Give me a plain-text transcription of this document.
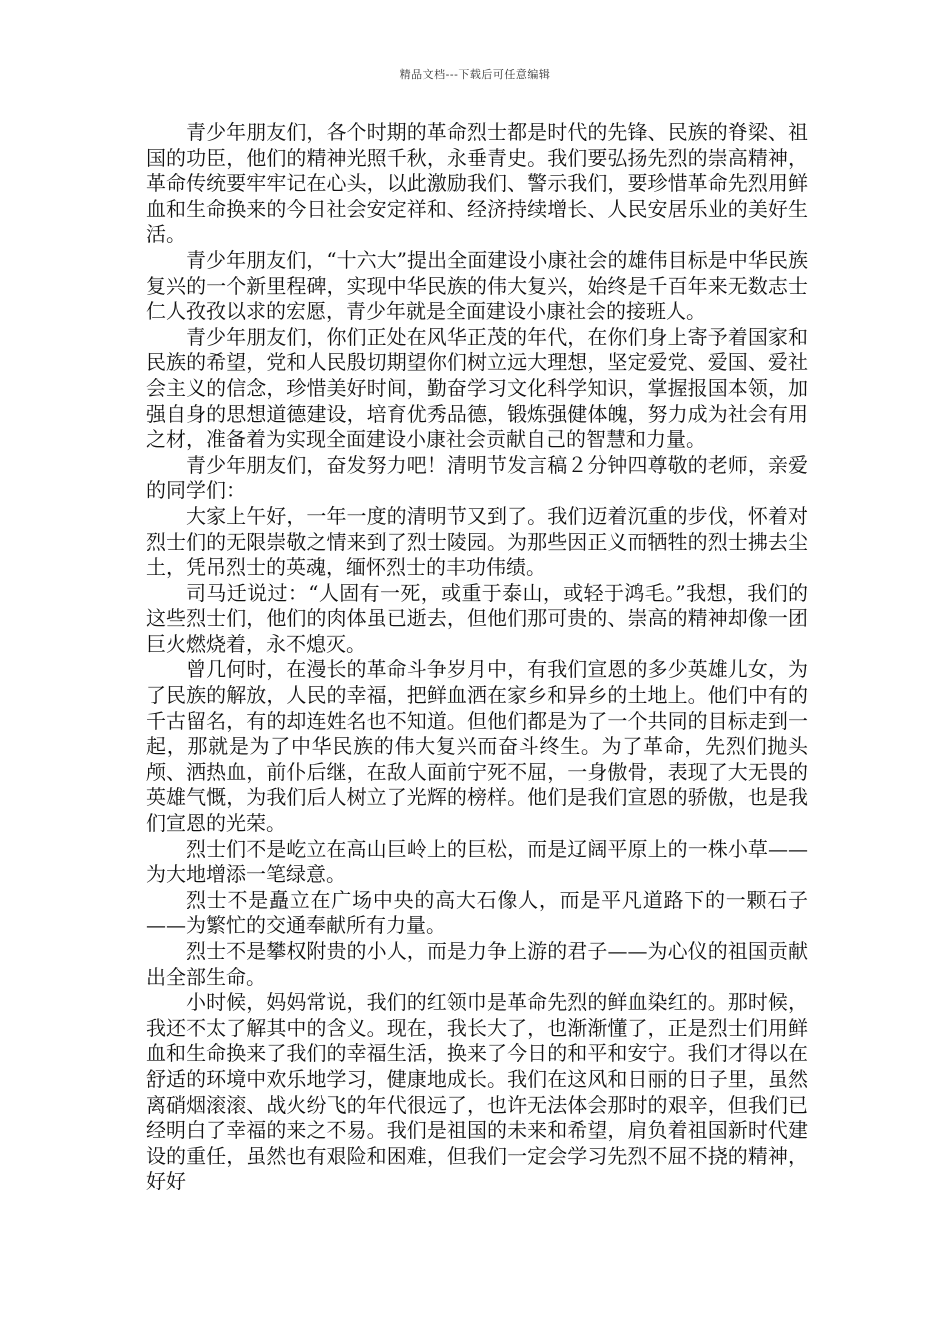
精品文档---下载后可任意编辑

青少年朋友们，各个时期的革命烈士都是时代的先锋、民族的脊梁、祖国的功臣，他们的精神光照千秋，永垂青史。我们要弘扬先烈的崇高精神，革命传统要牢牢记在心头，以此激励我们、警示我们，要珍惜革命先烈用鲜血和生命换来的今日社会安定祥和、经济持续增长、人民安居乐业的美好生活。

青少年朋友们，“十六大”提出全面建设小康社会的雄伟目标是中华民族复兴的一个新里程碑，实现中华民族的伟大复兴，始终是千百年来无数志士仁人孜孜以求的宏愿，青少年就是全面建设小康社会的接班人。

青少年朋友们，你们正处在风华正茂的年代，在你们身上寄予着国家和民族的希望，党和人民殷切期望你们树立远大理想，坚定爱党、爱国、爱社会主义的信念，珍惜美好时间，勤奋学习文化科学知识，掌握报国本领，加强自身的思想道德建设，培育优秀品德，锻炼强健体魄，努力成为社会有用之材，准备着为实现全面建设小康社会贡献自己的智慧和力量。

青少年朋友们，奋发努力吧！清明节发言稿２分钟四尊敬的老师，亲爱的同学们：

大家上午好，一年一度的清明节又到了。我们迈着沉重的步伐，怀着对烈士们的无限崇敬之情来到了烈士陵园。为那些因正义而牺牲的烈士拂去尘土，凭吊烈士的英魂，缅怀烈士的丰功伟绩。

司马迁说过：“人固有一死，或重于泰山，或轻于鸿毛。”我想，我们的这些烈士们，他们的肉体虽已逝去，但他们那可贵的、崇高的精神却像一团巨火燃烧着，永不熄灭。

曾几何时，在漫长的革命斗争岁月中，有我们宣恩的多少英雄儿女，为了民族的解放，人民的幸福，把鲜血洒在家乡和异乡的土地上。他们中有的千古留名，有的却连姓名也不知道。但他们都是为了一个共同的目标走到一起，那就是为了中华民族的伟大复兴而奋斗终生。为了革命，先烈们抛头颅、洒热血，前仆后继，在敌人面前宁死不屈，一身傲骨，表现了大无畏的英雄气慨，为我们后人树立了光辉的榜样。他们是我们宣恩的骄傲，也是我们宣恩的光荣。

烈士们不是屹立在高山巨岭上的巨松，而是辽阔平原上的一株小草——为大地增添一笔绿意。

烈士不是矗立在广场中央的高大石像人，而是平凡道路下的一颗石子——为繁忙的交通奉献所有力量。

烈士不是攀权附贵的小人，而是力争上游的君子——为心仪的祖国贡献出全部生命。

小时候，妈妈常说，我们的红领巾是革命先烈的鲜血染红的。那时候，我还不太了解其中的含义。现在，我长大了，也渐渐懂了，正是烈士们用鲜血和生命换来了我们的幸福生活，换来了今日的和平和安宁。我们才得以在舒适的环境中欢乐地学习，健康地成长。我们在这风和日丽的日子里，虽然离硝烟滚滚、战火纷飞的年代很远了，也许无法体会那时的艰辛，但我们已经明白了幸福的来之不易。我们是祖国的未来和希望，肩负着祖国新时代建设的重任，虽然也有艰险和困难，但我们一定会学习先烈不屈不挠的精神，好好
